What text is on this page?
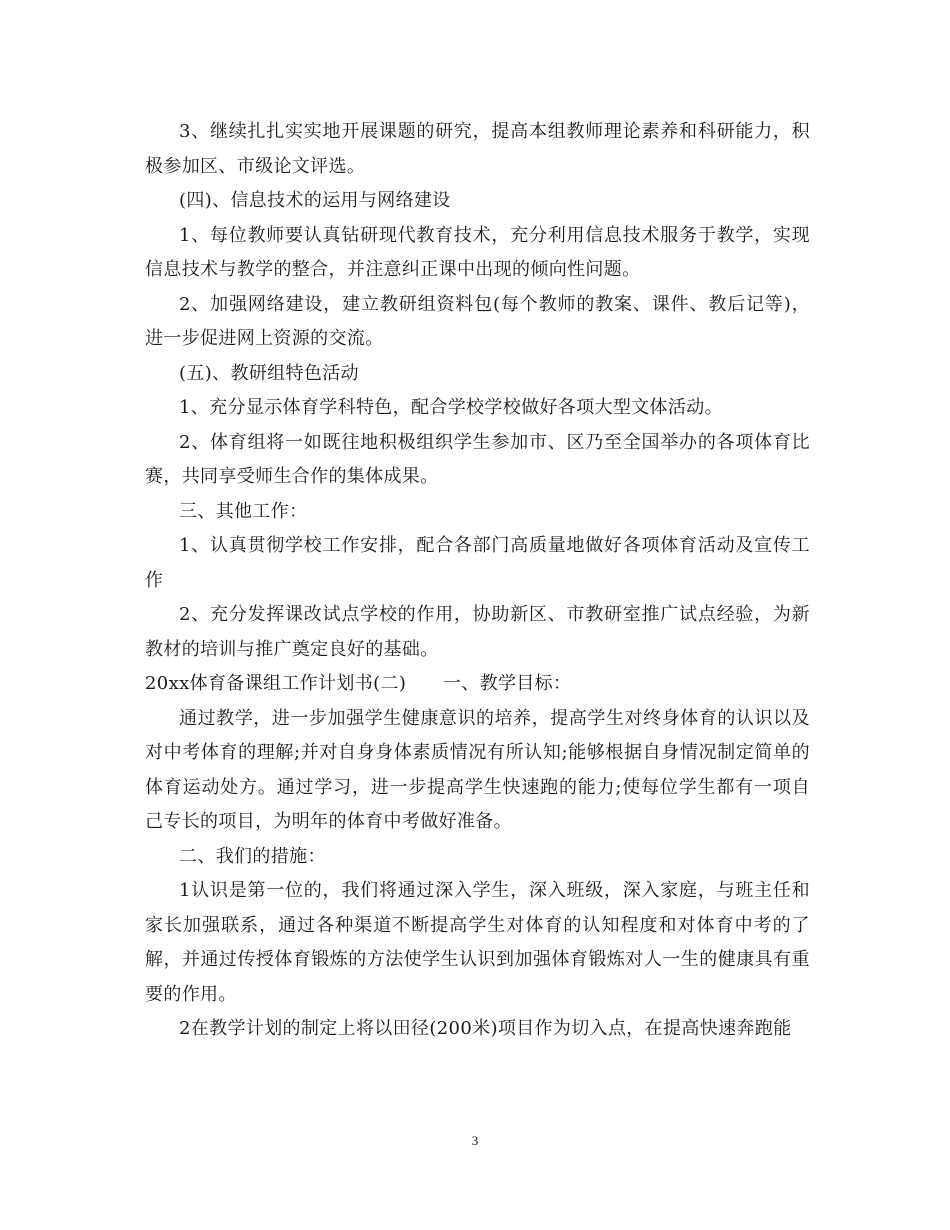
3、继续扎扎实实地开展课题的研究，提高本组教师理论素养和科研能力，积极参加区、市级论文评选。

(四)、信息技术的运用与网络建设

1、每位教师要认真钻研现代教育技术，充分利用信息技术服务于教学，实现信息技术与教学的整合，并注意纠正课中出现的倾向性问题。

2、加强网络建设，建立教研组资料包(每个教师的教案、课件、教后记等)，进一步促进网上资源的交流。

(五)、教研组特色活动

1、充分显示体育学科特色，配合学校学校做好各项大型文体活动。

2、体育组将一如既往地积极组织学生参加市、区乃至全国举办的各项体育比赛，共同享受师生合作的集体成果。

三、其他工作：

1、认真贯彻学校工作安排，配合各部门高质量地做好各项体育活动及宣传工作

2、充分发挥课改试点学校的作用，协助新区、市教研室推广试点经验，为新教材的培训与推广奠定良好的基础。

20xx体育备课组工作计划书(二)　　一、教学目标：

通过教学，进一步加强学生健康意识的培养，提高学生对终身体育的认识以及对中考体育的理解;并对自身身体素质情况有所认知;能够根据自身情况制定简单的体育运动处方。通过学习，进一步提高学生快速跑的能力;使每位学生都有一项自己专长的项目，为明年的体育中考做好准备。

二、我们的措施：

1认识是第一位的，我们将通过深入学生，深入班级，深入家庭，与班主任和家长加强联系，通过各种渠道不断提高学生对体育的认知程度和对体育中考的了解，并通过传授体育锻炼的方法使学生认识到加强体育锻炼对人一生的健康具有重要的作用。

2在教学计划的制定上将以田径(200米)项目作为切入点，在提高快速奔跑能

3
